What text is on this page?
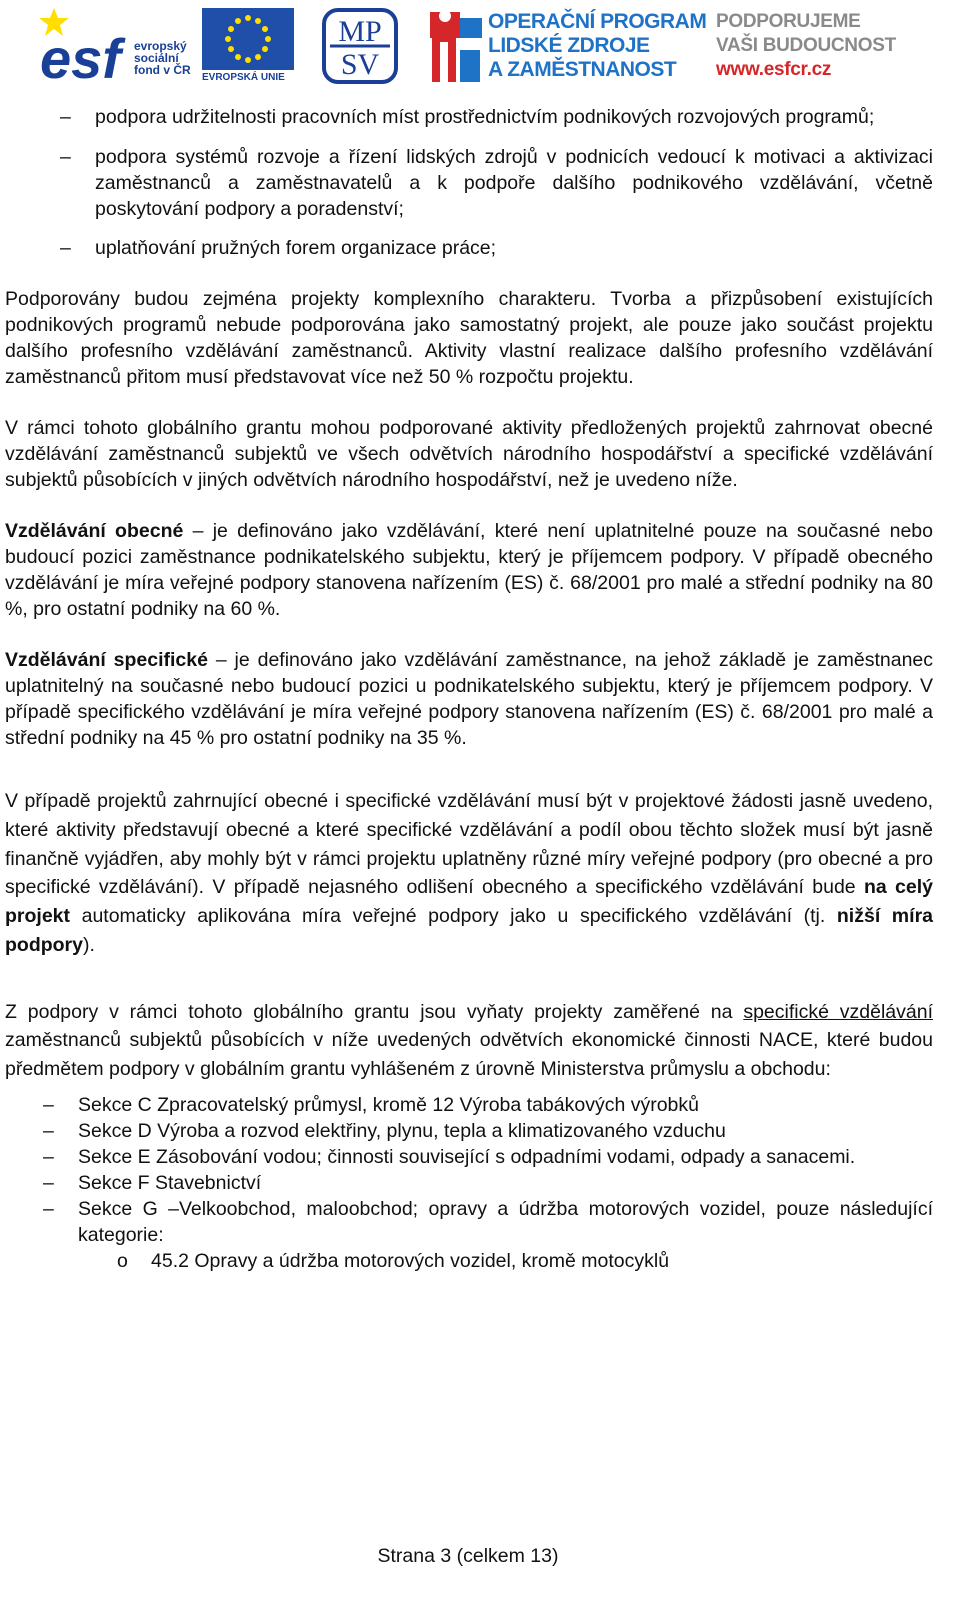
esf	evropský
sociální
fond v ČR
EVROPSKÁ UNIE
MP
SV
OPERAČNÍ PROGRAM
LIDSKÉ ZDROJE
A ZAMĚSTNANOST
PODPORUJEME
VAŠI BUDOUCNOST
www.esfcr.cz
– podpora udržitelnosti pracovních míst prostřednictvím podnikových rozvojových programů;
– podpora systémů rozvoje a řízení lidských zdrojů v podnicích vedoucí k motivaci a aktivizaci zaměstnanců a zaměstnavatelů a k podpoře dalšího podnikového vzdělávání, včetně poskytování podpory a poradenství;
– uplatňování pružných forem organizace práce;

Podporovány budou zejména projekty komplexního charakteru. Tvorba a přizpůsobení existujících podnikových programů nebude podporována jako samostatný projekt, ale pouze jako součást projektu dalšího profesního vzdělávání zaměstnanců. Aktivity vlastní realizace dalšího profesního vzdělávání zaměstnanců přitom musí představovat více než 50 % rozpočtu projektu.

V rámci tohoto globálního grantu mohou podporované aktivity předložených projektů zahrnovat obecné vzdělávání zaměstnanců subjektů ve všech odvětvích národního hospodářství a specifické vzdělávání subjektů působících v jiných odvětvích národního hospodářství, než je uvedeno níže.

Vzdělávání obecné – je definováno jako vzdělávání, které není uplatnitelné pouze na současné nebo budoucí pozici zaměstnance podnikatelského subjektu, který je příjemcem podpory. V případě obecného vzdělávání je míra veřejné podpory stanovena nařízením (ES) č. 68/2001 pro malé a střední podniky na 80 %, pro ostatní podniky na 60 %.

Vzdělávání specifické – je definováno jako vzdělávání zaměstnance, na jehož základě je zaměstnanec uplatnitelný na současné nebo budoucí pozici u podnikatelského subjektu, který je příjemcem podpory. V případě specifického vzdělávání je míra veřejné podpory stanovena nařízením (ES) č. 68/2001 pro malé a střední podniky na 45 % pro ostatní podniky na 35 %.

V případě projektů zahrnující obecné i specifické vzdělávání musí být v projektové žádosti jasně uvedeno, které aktivity představují obecné a které specifické vzdělávání a podíl obou těchto složek musí být jasně finančně vyjádřen, aby mohly být v rámci projektu uplatněny různé míry veřejné podpory (pro obecné a pro specifické vzdělávání). V případě nejasného odlišení obecného a specifického vzdělávání bude na celý projekt automaticky aplikována míra veřejné podpory jako u specifického vzdělávání (tj. nižší míra podpory).

Z podpory v rámci tohoto globálního grantu jsou vyňaty projekty zaměřené na specifické vzdělávání zaměstnanců subjektů působících v níže uvedených odvětvích ekonomické činnosti NACE, které budou předmětem podpory v globálním grantu vyhlášeném z úrovně Ministerstva průmyslu a obchodu:

– Sekce C Zpracovatelský průmysl, kromě 12 Výroba tabákových výrobků
– Sekce D Výroba a rozvod elektřiny, plynu, tepla a klimatizovaného vzduchu
– Sekce E Zásobování vodou; činnosti související s odpadními vodami, odpady a sanacemi.
– Sekce F Stavebnictví
– Sekce G –Velkoobchod, maloobchod; opravy a údržba motorových vozidel, pouze následující kategorie:
o 45.2 Opravy a údržba motorových vozidel, kromě motocyklů
Strana 3 (celkem 13)
